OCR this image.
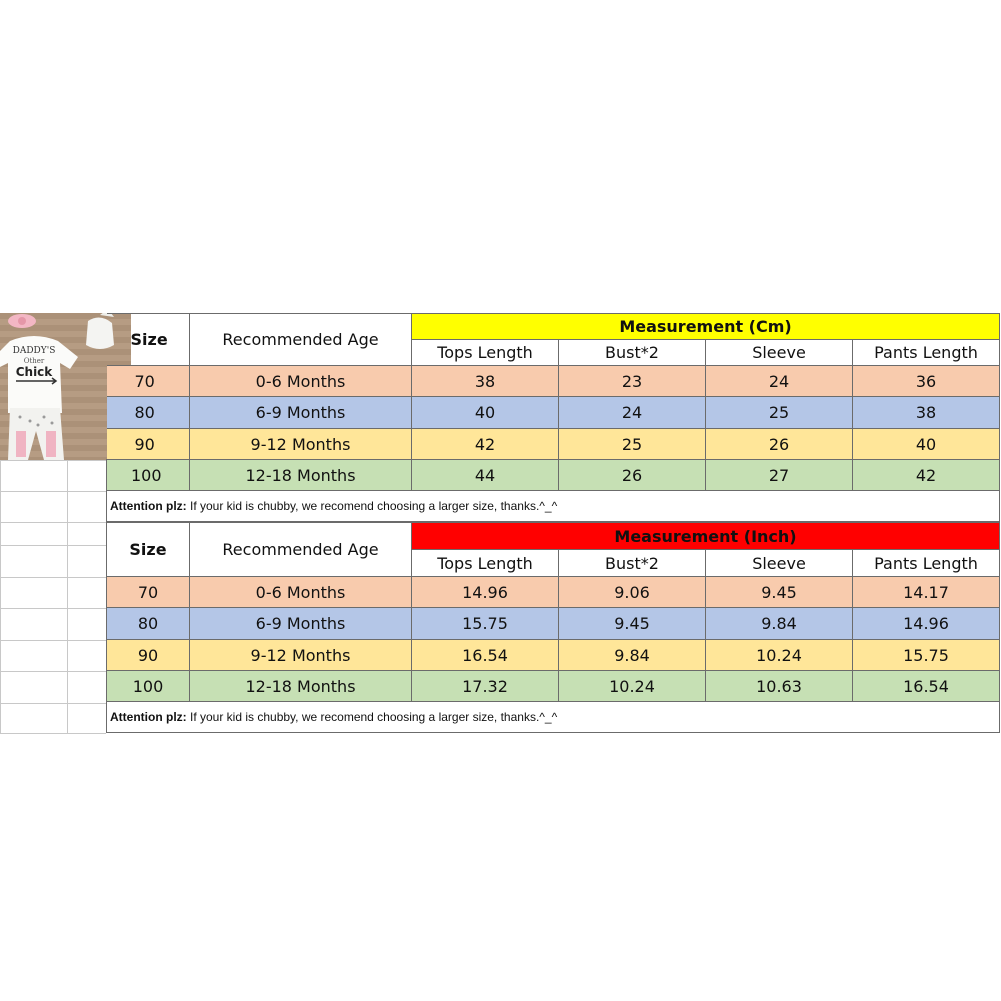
DADDY'S
Other
Chick
Size	Recommended Age	Measurement (Cm)			
		Tops Length	Bust*2	Sleeve	Pants Length
70	0-6 Months	38	23	24	36
80	6-9 Months	40	24	25	38
90	9-12 Months	42	25	26	40
100	12-18 Months	44	26	27	42
Attention plz: If your kid is chubby, we recomend choosing a larger size, thanks.^_^					
Size	Recommended Age	Measurement (Inch)			
		Tops Length	Bust*2	Sleeve	Pants Length
70	0-6 Months	14.96	9.06	9.45	14.17
80	6-9 Months	15.75	9.45	9.84	14.96
90	9-12 Months	16.54	9.84	10.24	15.75
100	12-18 Months	17.32	10.24	10.63	16.54
Attention plz: If your kid is chubby, we recomend choosing a larger size, thanks.^_^					
